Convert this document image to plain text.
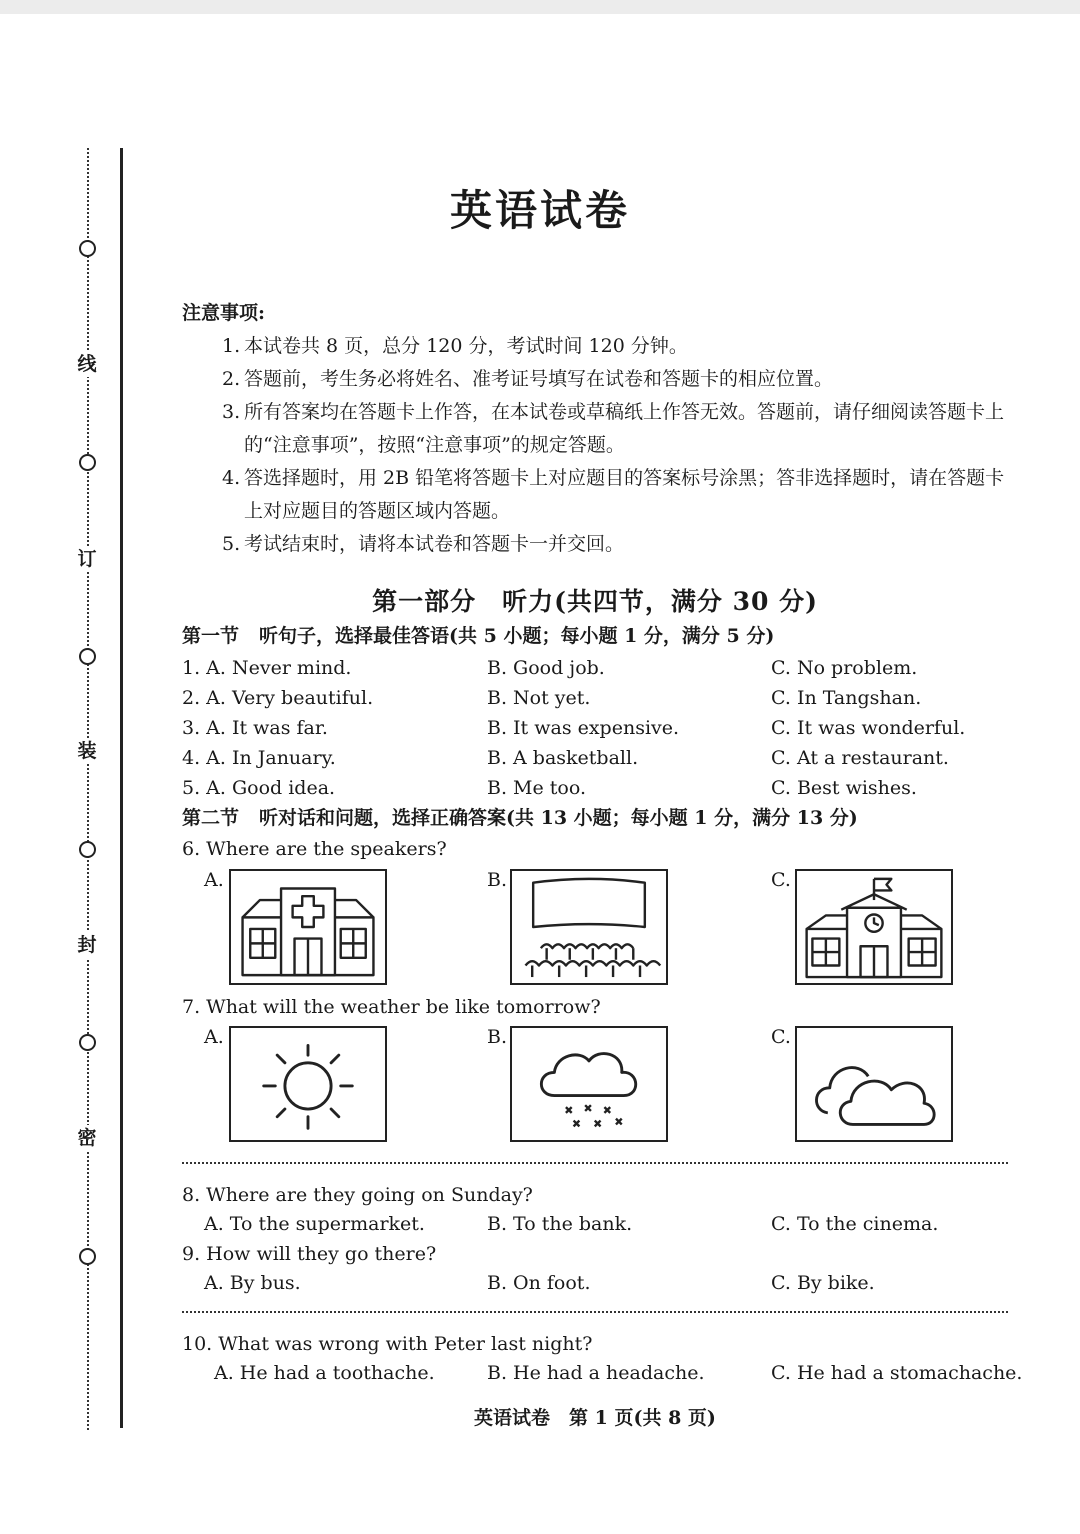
线
订
装
封
密
英语试卷
注意事项:
1. 本试卷共 8 页，总分 120 分，考试时间 120 分钟。
2. 答题前，考生务必将姓名、准考证号填写在试卷和答题卡的相应位置。
3. 所有答案均在答题卡上作答，在本试卷或草稿纸上作答无效。答题前，请仔细阅读答题卡上的“注意事项”，按照“注意事项”的规定答题。
4. 答选择题时，用 2B 铅笔将答题卡上对应题目的答案标号涂黑；答非选择题时，请在答题卡上对应题目的答题区域内答题。
5. 考试结束时，请将本试卷和答题卡一并交回。
第一部分　听力(共四节，满分 30 分)
第一节 听句子，选择最佳答语(共 5 小题；每小题 1 分，满分 5 分)
1. A. Never mind.	B. Good job.	C. No problem.
2. A. Very beautiful.	B. Not yet.	C. In Tangshan.
3. A. It was far.	B. It was expensive.	C. It was wonderful.
4. A. In January.	B. A basketball.	C. At a restaurant.
5. A. Good idea.	B. Me too.	C. Best wishes.
第二节 听对话和问题，选择正确答案(共 13 小题；每小题 1 分，满分 13 分)
6. Where are the speakers?
A.	B.	C.
7. What will the weather be like tomorrow?
A.	B.	C.
8. Where are they going on Sunday?
A. To the supermarket.	B. To the bank.	C. To the cinema.
9. How will they go there?
A. By bus.	B. On foot.	C. By bike.
10. What was wrong with Peter last night?
A. He had a toothache.	B. He had a headache.	C. He had a stomachache.
英语试卷　第 1 页(共 8 页)
